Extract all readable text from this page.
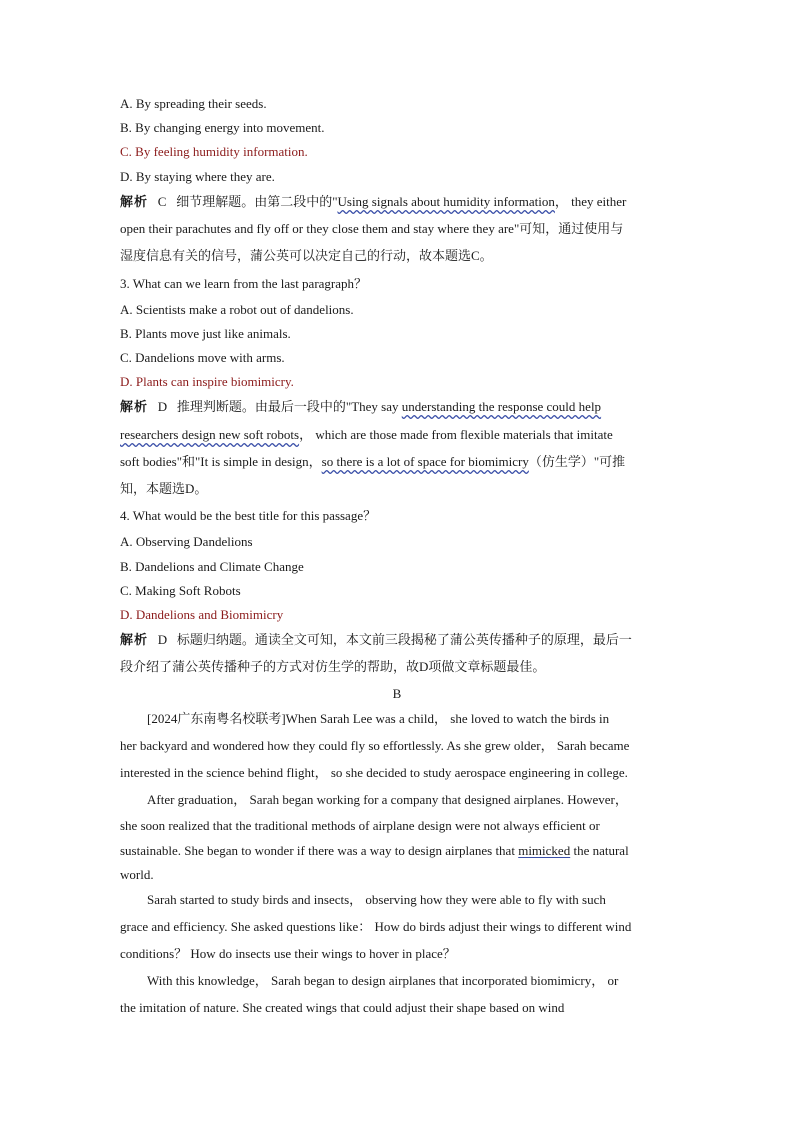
A. By spreading their seeds.
B. By changing energy into movement.
C. By feeling humidity information.
D. By staying where they are.
解析 C 细节理解题。由第二段中的"Using signals about humidity information， they either
open their parachutes and fly off or they close them and stay where they are"可知，通过使用与
湿度信息有关的信号，蒲公英可以决定自己的行动，故本题选C。
3. What can we learn from the last paragraph？
A. Scientists make a robot out of dandelions.
B. Plants move just like animals.
C. Dandelions move with arms.
D. Plants can inspire biomimicry.
解析 D 推理判断题。由最后一段中的"They say understanding the response could help
researchers design new soft robots， which are those made from flexible materials that imitate
soft bodies"和"It is simple in design，so there is a lot of space for biomimicry（仿生学）"可推
知，本题选D。
4. What would be the best title for this passage？
A. Observing Dandelions
B. Dandelions and Climate Change
C. Making Soft Robots
D. Dandelions and Biomimicry
解析 D 标题归纳题。通读全文可知，本文前三段揭秘了蒲公英传播种子的原理，最后一
段介绍了蒲公英传播种子的方式对仿生学的帮助，故D项做文章标题最佳。
B
[2024广东南粤名校联考]When Sarah Lee was a child， she loved to watch the birds in
her backyard and wondered how they could fly so effortlessly. As she grew older， Sarah became
interested in the science behind flight， so she decided to study aerospace engineering in college.
After graduation， Sarah began working for a company that designed airplanes. However，
she soon realized that the traditional methods of airplane design were not always efficient or
sustainable. She began to wonder if there was a way to design airplanes that mimicked the natural
world.
Sarah started to study birds and insects， observing how they were able to fly with such
grace and efficiency. She asked questions like： How do birds adjust their wings to different wind
conditions？ How do insects use their wings to hover in place？
With this knowledge， Sarah began to design airplanes that incorporated biomimicry， or
the imitation of nature. She created wings that could adjust their shape based on wind
